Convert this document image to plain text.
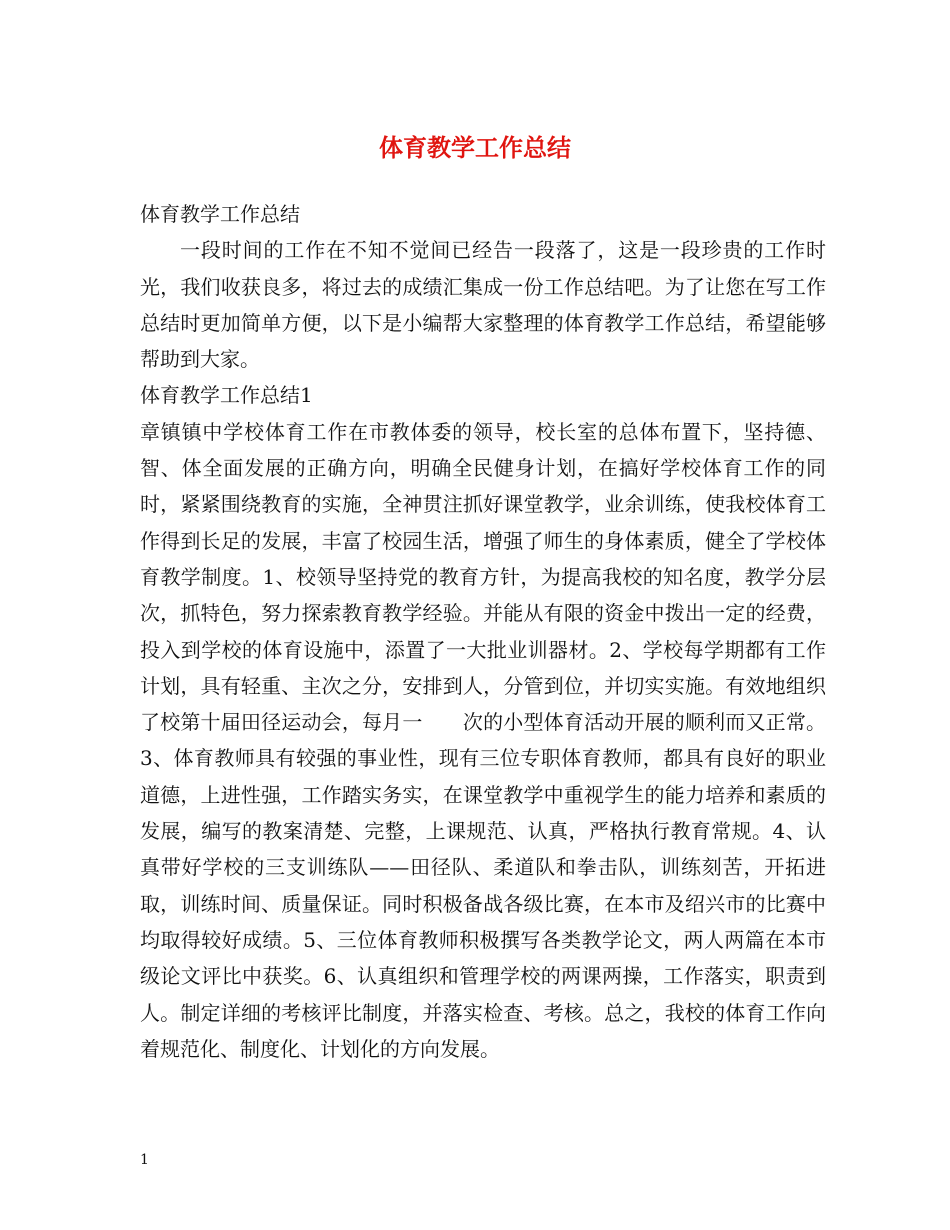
体育教学工作总结

体育教学工作总结

一段时间的工作在不知不觉间已经告一段落了，这是一段珍贵的工作时光，我们收获良多，将过去的成绩汇集成一份工作总结吧。为了让您在写工作总结时更加简单方便，以下是小编帮大家整理的体育教学工作总结，希望能够帮助到大家。

体育教学工作总结1

章镇镇中学校体育工作在市教体委的领导，校长室的总体布置下，坚持德、智、体全面发展的正确方向，明确全民健身计划，在搞好学校体育工作的同时，紧紧围绕教育的实施，全神贯注抓好课堂教学，业余训练，使我校体育工作得到长足的发展，丰富了校园生活，增强了师生的身体素质，健全了学校体育教学制度。1、校领导坚持党的教育方针，为提高我校的知名度，教学分层次，抓特色，努力探索教育教学经验。并能从有限的资金中拨出一定的经费，投入到学校的体育设施中，添置了一大批业训器材。2、学校每学期都有工作计划，具有轻重、主次之分，安排到人，分管到位，并切实实施。有效地组织了校第十届田径运动会，每月一　　次的小型体育活动开展的顺利而又正常。3、体育教师具有较强的事业性，现有三位专职体育教师，都具有良好的职业道德，上进性强，工作踏实务实，在课堂教学中重视学生的能力培养和素质的发展，编写的教案清楚、完整，上课规范、认真，严格执行教育常规。4、认真带好学校的三支训练队——田径队、柔道队和拳击队，训练刻苦，开拓进取，训练时间、质量保证。同时积极备战各级比赛，在本市及绍兴市的比赛中均取得较好成绩。5、三位体育教师积极撰写各类教学论文，两人两篇在本市级论文评比中获奖。6、认真组织和管理学校的两课两操，工作落实，职责到人。制定详细的考核评比制度，并落实检查、考核。总之，我校的体育工作向着规范化、制度化、计划化的方向发展。

1
